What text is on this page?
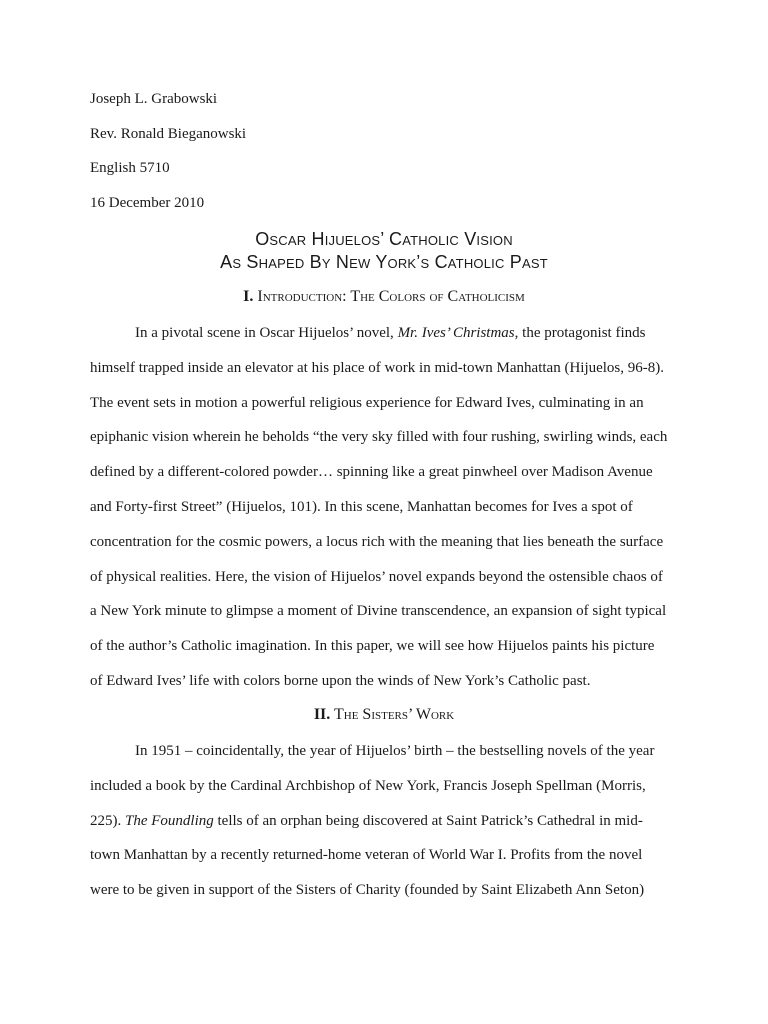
Joseph L. Grabowski
Rev. Ronald Bieganowski
English 5710
16 December 2010
Oscar Hijuelos’ Catholic Vision
As Shaped By New York’s Catholic Past
I. Introduction: The Colors of Catholicism
In a pivotal scene in Oscar Hijuelos’ novel, Mr. Ives’ Christmas, the protagonist finds
himself trapped inside an elevator at his place of work in mid-town Manhattan (Hijuelos, 96-8).
The event sets in motion a powerful religious experience for Edward Ives, culminating in an
epiphanic vision wherein he beholds “the very sky filled with four rushing, swirling winds, each
defined by a different-colored powder… spinning like a great pinwheel over Madison Avenue
and Forty-first Street” (Hijuelos, 101). In this scene, Manhattan becomes for Ives a spot of
concentration for the cosmic powers, a locus rich with the meaning that lies beneath the surface
of physical realities. Here, the vision of Hijuelos’ novel expands beyond the ostensible chaos of
a New York minute to glimpse a moment of Divine transcendence, an expansion of sight typical
of the author’s Catholic imagination. In this paper, we will see how Hijuelos paints his picture
of Edward Ives’ life with colors borne upon the winds of New York’s Catholic past.
II. The Sisters’ Work
In 1951 – coincidentally, the year of Hijuelos’ birth – the bestselling novels of the year
included a book by the Cardinal Archbishop of New York, Francis Joseph Spellman (Morris,
225). The Foundling tells of an orphan being discovered at Saint Patrick’s Cathedral in mid-
town Manhattan by a recently returned-home veteran of World War I. Profits from the novel
were to be given in support of the Sisters of Charity (founded by Saint Elizabeth Ann Seton)
